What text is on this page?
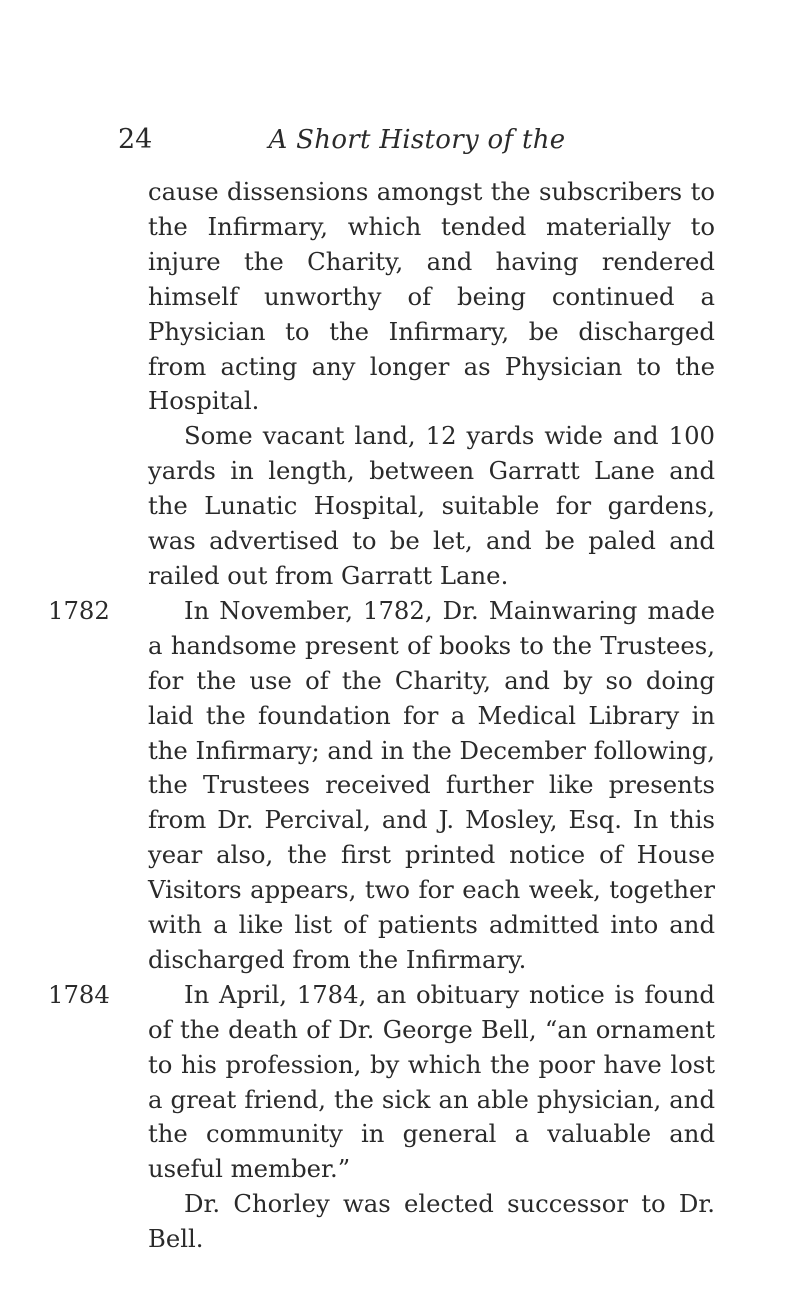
24	A Short History of the

cause dissensions amongst the subscribers to the Infirmary, which tended materially to injure the Charity, and having rendered himself unworthy of being continued a Physician to the Infirmary, be discharged from acting any longer as Physician to the Hospital.

Some vacant land, 12 yards wide and 100 yards in length, between Garratt Lane and the Lunatic Hospital, suitable for gardens, was advertised to be let, and be paled and railed out from Garratt Lane.

1782	In November, 1782, Dr. Mainwaring made a handsome present of books to the Trustees, for the use of the Charity, and by so doing laid the foundation for a Medical Library in the Infirmary; and in the December following, the Trustees received further like presents from Dr. Percival, and J. Mosley, Esq. In this year also, the first printed notice of House Visitors appears, two for each week, together with a like list of patients admitted into and discharged from the Infirmary.

1784	In April, 1784, an obituary notice is found of the death of Dr. George Bell, “an ornament to his profession, by which the poor have lost a great friend, the sick an able physician, and the community in general a valuable and useful member.”

Dr. Chorley was elected successor to Dr. Bell.
